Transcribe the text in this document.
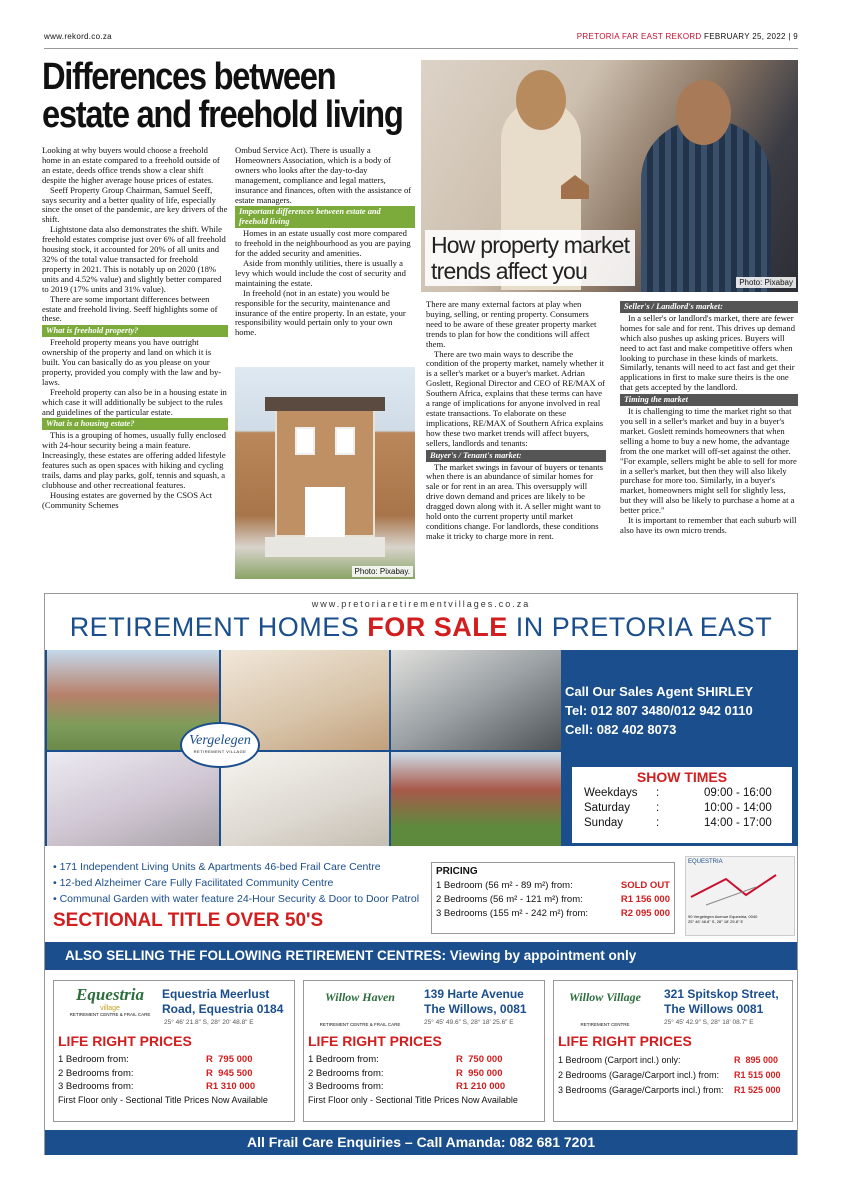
www.rekord.co.za	PRETORIA FAR EAST REKORD FEBRUARY 25, 2022 | 9
Differences between estate and freehold living

Looking at why buyers would choose a freehold home in an estate compared to a freehold outside of an estate, deeds office trends show a clear shift despite the higher average house prices of estates.

Seeff Property Group Chairman, Samuel Seeff, says security and a better quality of life, especially since the onset of the pandemic, are key drivers of the shift.

Lightstone data also demonstrates the shift. While freehold estates comprise just over 6% of all freehold housing stock, it accounted for 20% of all units and 32% of the total value transacted for freehold property in 2021. This is notably up on 2020 (18% units and 4.52% value) and slightly better compared to 2019 (17% units and 31% value).

There are some important differences between estate and freehold living. Seeff highlights some of these.

What is freehold property?

Freehold property means you have outright ownership of the property and land on which it is built. You can basically do as you please on your property, provided you comply with the law and by-laws.

Freehold property can also be in a housing estate in which case it will additionally be subject to the rules and guidelines of the particular estate.

What is a housing estate?

This is a grouping of homes, usually fully enclosed with 24-hour security being a main feature. Increasingly, these estates are offering added lifestyle features such as open spaces with hiking and cycling trails, dams and play parks, golf, tennis and squash, a clubhouse and other recreational features.

Housing estates are governed by the CSOS Act (Community Schemes

Ombud Service Act). There is usually a Homeowners Association, which is a body of owners who looks after the day-to-day management, compliance and legal matters, insurance and finances, often with the assistance of estate managers.

Important differences between estate and freehold living

Homes in an estate usually cost more compared to freehold in the neighbourhood as you are paying for the added security and amenities.

Aside from monthly utilities, there is usually a levy which would include the cost of security and maintaining the estate.

In freehold (not in an estate) you would be responsible for the security, maintenance and insurance of the entire property. In an estate, your responsibility would pertain only to your own home.

Photo: Pixabay.
How property market
trends affect you	Photo: Pixabay

There are many external factors at play when buying, selling, or renting property. Consumers need to be aware of these greater property market trends to plan for how the conditions will affect them.

There are two main ways to describe the condition of the property market, namely whether it is a seller's market or a buyer's market. Adrian Goslett, Regional Director and CEO of RE/MAX of Southern Africa, explains that these terms can have a range of implications for anyone involved in real estate transactions. To elaborate on these implications, RE/MAX of Southern Africa explains how these two market trends will affect buyers, sellers, landlords and tenants:

Buyer's / Tenant's market:

The market swings in favour of buyers or tenants when there is an abundance of similar homes for sale or for rent in an area. This oversupply will drive down demand and prices are likely to be dragged down along with it. A seller might want to hold onto the current property until market conditions change. For landlords, these conditions make it tricky to charge more in rent.

Seller's / Landlord's market:

In a seller's or landlord's market, there are fewer homes for sale and for rent. This drives up demand which also pushes up asking prices. Buyers will need to act fast and make competitive offers when looking to purchase in these kinds of markets. Similarly, tenants will need to act fast and get their applications in first to make sure theirs is the one that gets accepted by the landlord.

Timing the market

It is challenging to time the market right so that you sell in a seller's market and buy in a buyer's market. Goslett reminds homeowners that when selling a home to buy a new home, the advantage from the one market will off-set against the other. "For example, sellers might be able to sell for more in a seller's market, but then they will also likely purchase for more too. Similarly, in a buyer's market, homeowners might sell for slightly less, but they will also be likely to purchase a home at a better price."

It is important to remember that each suburb will also have its own micro trends.

www.pretoriaretirementvillages.co.za
RETIREMENT HOMES FOR SALE IN PRETORIA EAST
Vergelegen
RETIREMENT VILLAGE
Call Our Sales Agent SHIRLEY
Tel: 012 807 3480/012 942 0110
Cell: 082 402 8073
SHOW TIMES
Weekdays	:	09:00 - 16:00
Saturday	:	10:00 - 14:00
Sunday	:	14:00 - 17:00
• 171 Independent Living Units & Apartments 46-bed Frail Care Centre
• 12-bed Alzheimer Care Fully Facilitated Community Centre
• Communal Garden with water feature 24-Hour Security & Door to Door Patrol
SECTIONAL TITLE OVER 50'S
PRICING
1 Bedroom (56 m² - 89 m²) from:	SOLD OUT
2 Bedrooms (56 m² - 121 m²) from:	R1 156 000
3 Bedrooms (155 m² - 242 m²) from:	R2 095 000
EQUESTRIA
90 Vergelegen Avenue Equestria, 0040
25° 46' 48.8" S, 28° 18' 25.8" E
ALSO SELLING THE FOLLOWING RETIREMENT CENTRES: Viewing by appointment only
Equestria
village
RETIREMENT CENTRE & FRAIL CARE
Equestria Meerlust
Road, Equestria 0184
25° 46' 21.8" S, 28° 20' 48.8" E
LIFE RIGHT PRICES
1 Bedroom from:	R  795 000
2 Bedrooms from:	R  945 500
3 Bedrooms from:	R1 310 000
First Floor only - Sectional Title Prices Now Available
Willow Haven
RETIREMENT CENTRE & FRAIL CARE
139 Harte Avenue
The Willows, 0081
25° 45' 49.6" S, 28° 18' 25.6" E
LIFE RIGHT PRICES
1 Bedroom from:	R  750 000
2 Bedrooms from:	R  950 000
3 Bedrooms from:	R1 210 000
First Floor only - Sectional Title Prices Now Available
Willow Village
RETIREMENT CENTRE
321 Spitskop Street,
The Willows 0081
25° 45' 42.9" S, 28° 18' 08.7" E
LIFE RIGHT PRICES
1 Bedroom (Carport incl.) only:	R  895 000
2 Bedrooms (Garage/Carport incl.) from:	R1 515 000
3 Bedrooms (Garage/Carports incl.) from:	R1 525 000
All Frail Care Enquiries – Call Amanda: 082 681 7201
